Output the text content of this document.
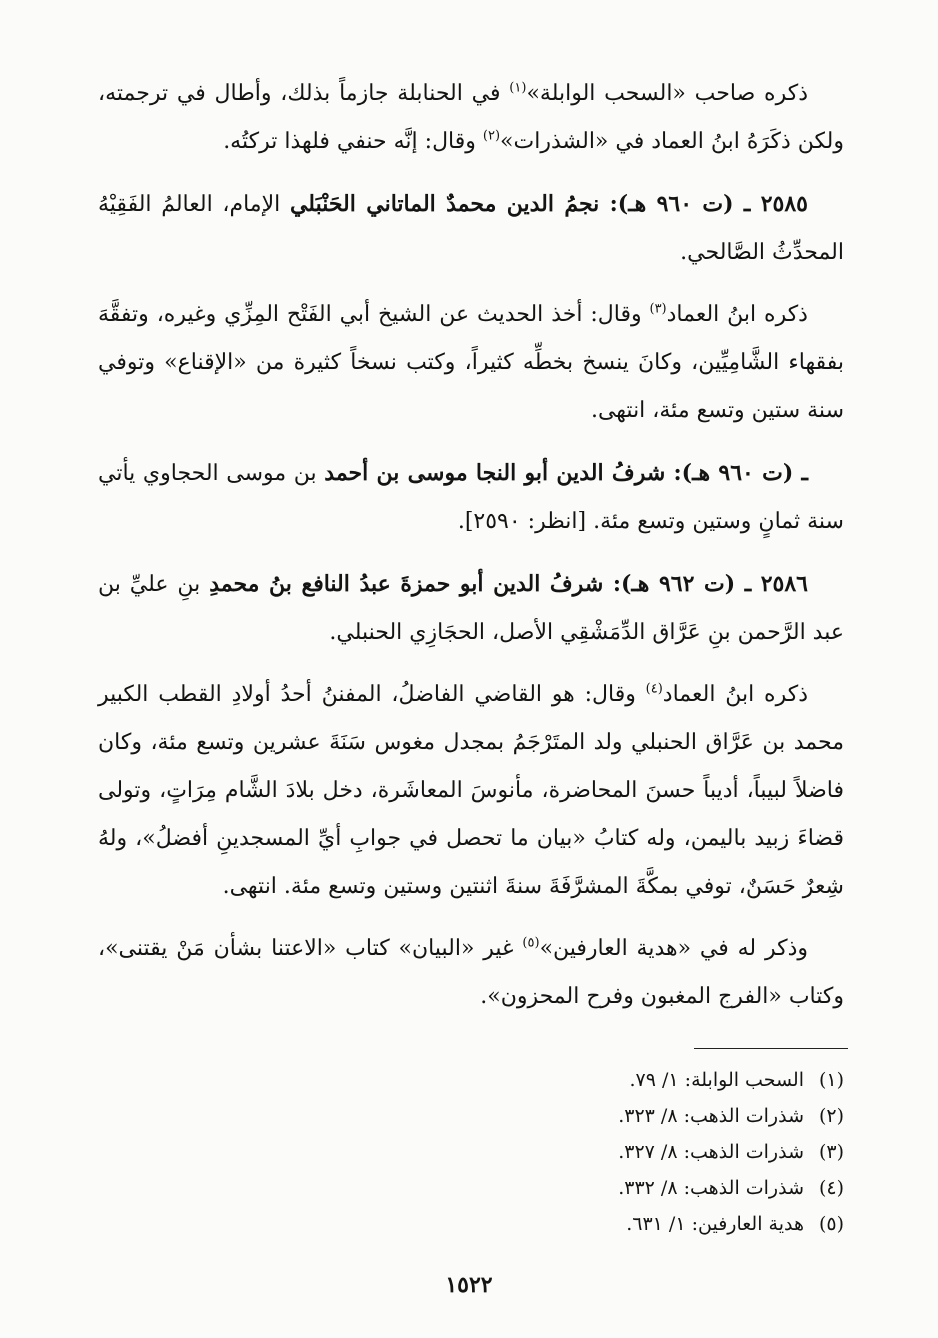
ذكره صاحب «السحب الوابلة»$^{(١)}$ في الحنابلة جازماً بذلك، وأطال في ترجمته، ولكن ذكَرَهُ ابنُ العماد في «الشذرات»$^{(٢)}$ وقال: إنَّه حنفي فلهذا تركتُه.

٢٥٨٥ ـ (ت ٩٦٠ هـ): نجمُ الدين محمدٌ الماتاني الحَنْبَلي الإمام، العالمُ الفَقِيْهُ المحدِّثُ الصَّالحي.

ذكره ابنُ العماد$^{(٣)}$ وقال: أخذ الحديث عن الشيخ أبي الفَتْح المِزِّي وغيره، وتفقَّهَ بفقهاء الشَّامِيِّين، وكانَ ينسخ بخطِّه كثيراً، وكتب نسخاً كثيرة من «الإقناع» وتوفي سنة ستين وتسع مئة، انتهى.

ـ (ت ٩٦٠ هـ): شرفُ الدين أبو النجا موسى بن أحمد بن موسى الحجاوي يأتي سنة ثمانٍ وستين وتسع مئة. [انظر: ٢٥٩٠].

٢٥٨٦ ـ (ت ٩٦٢ هـ): شرفُ الدين أبو حمزةَ عبدُ النافع بنُ محمدِ بنِ عليِّ بن عبد الرَّحمن بنِ عَرَّاق الدِّمَشْقِي الأصل، الحجَازِي الحنبلي.

ذكره ابنُ العماد$^{(٤)}$ وقال: هو القاضي الفاضلُ، المفننُ أحدُ أولادِ القطب الكبير محمد بن عَرَّاق الحنبلي ولد المتَرْجَمُ بمجدل مغوس سَنَةَ عشرين وتسع مئة، وكان فاضلاً لبيباً، أديباً حسنَ المحاضرة، مأنوسَ المعاشَرة، دخل بلادَ الشَّام مِرَاتٍ، وتولى قضاءَ زبيد باليمن، وله كتابُ «بيان ما تحصل في جوابِ أيِّ المسجدينِ أفضلُ»، ولهُ شِعرٌ حَسَنٌ، توفي بمكَّةَ المشرَّفَةَ سنةَ اثنتين وستين وتسع مئة. انتهى.

وذكر له في «هدية العارفين»$^{(٥)}$ غير «البيان» كتاب «الاعتنا بشأن مَنْ يقتنى»، وكتاب «الفرج المغبون وفرح المحزون».

(١)السحب الوابلة: ١/ ٧٩.
(٢)شذرات الذهب: ٨/ ٣٢٣.
(٣)شذرات الذهب: ٨/ ٣٢٧.
(٤)شذرات الذهب: ٨/ ٣٣٢.
(٥)هدية العارفين: ١/ ٦٣١.
١٥٢٢
